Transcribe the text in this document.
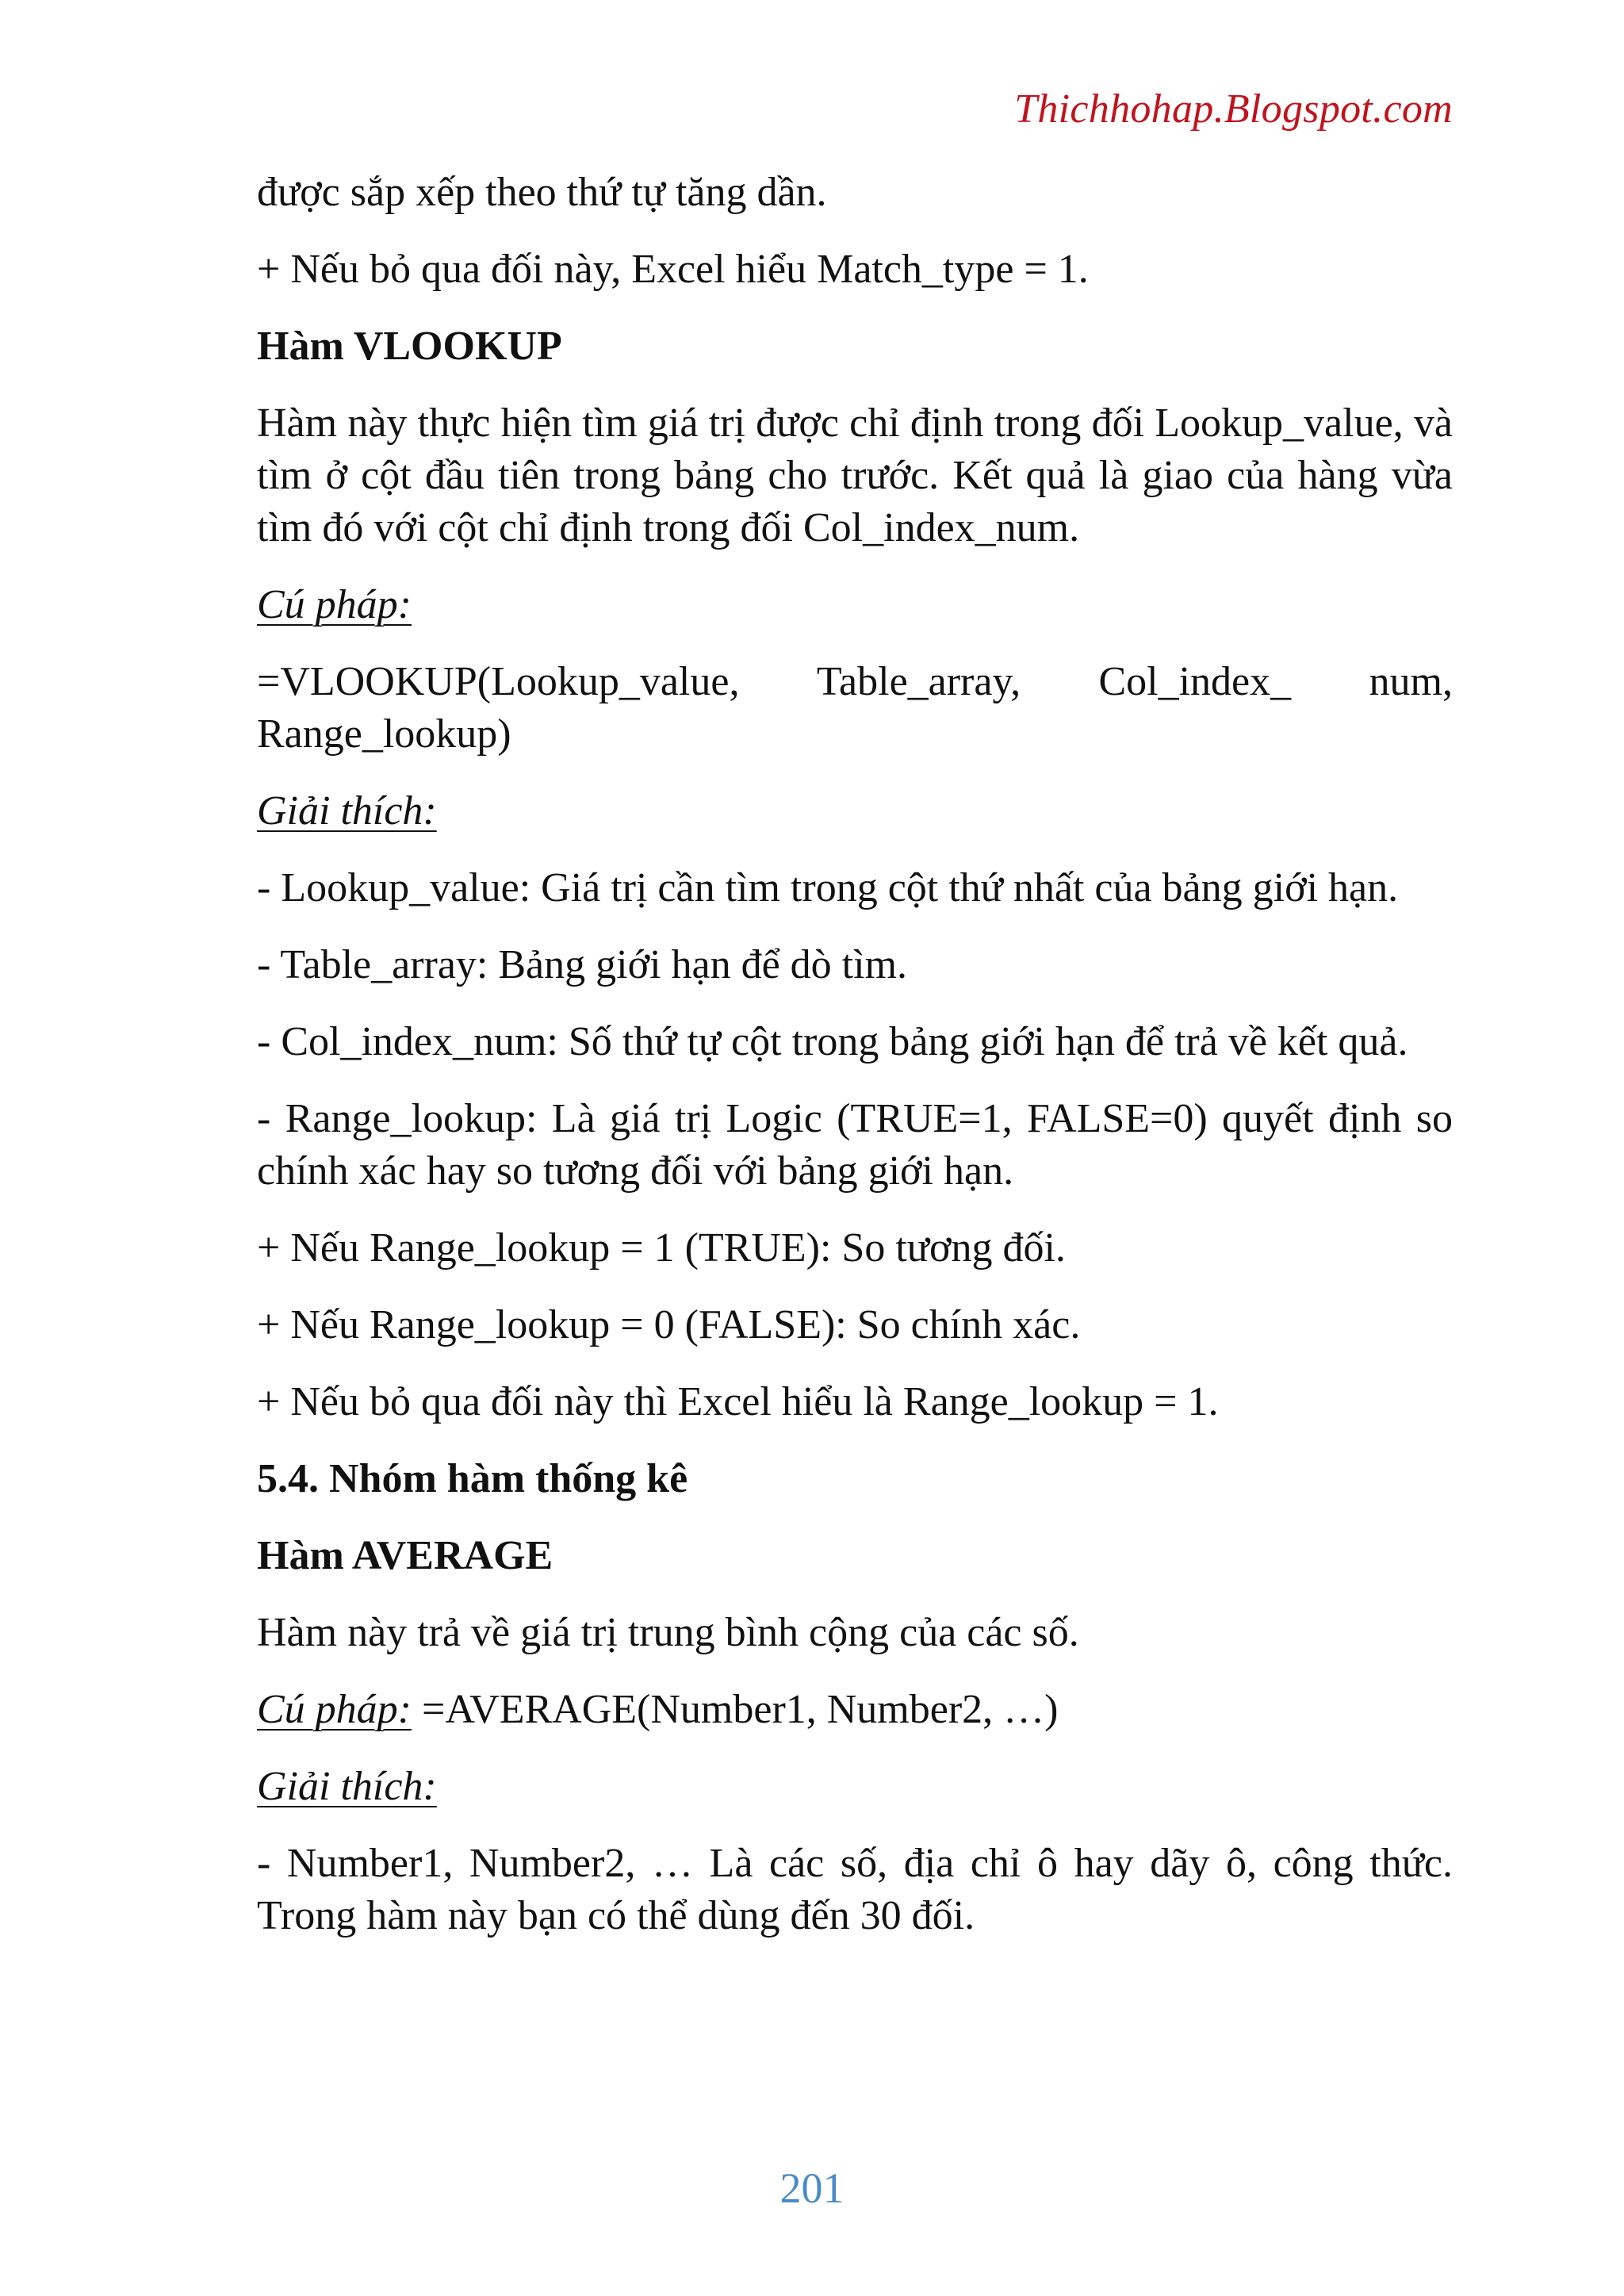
Thichhohap.Blogspot.com

được sắp xếp theo thứ tự tăng dần.

+ Nếu bỏ qua đối này, Excel hiểu Match_type = 1.

Hàm VLOOKUP

Hàm này thực hiện tìm giá trị được chỉ định trong đối Lookup_value, và tìm ở cột đầu tiên trong bảng cho trước. Kết quả là giao của hàng vừa tìm đó với cột chỉ định trong đối Col_index_num.

Cú pháp:

=VLOOKUP(Lookup_value, Table_array, Col_index_ num, Range_lookup)

Giải thích:

- Lookup_value: Giá trị cần tìm trong cột thứ nhất của bảng giới hạn.

- Table_array: Bảng giới hạn để dò tìm.

- Col_index_num: Số thứ tự cột trong bảng giới hạn để trả về kết quả.

- Range_lookup: Là giá trị Logic (TRUE=1, FALSE=0) quyết định so chính xác hay so tương đối với bảng giới hạn.

+ Nếu Range_lookup = 1 (TRUE): So tương đối.

+ Nếu Range_lookup = 0 (FALSE): So chính xác.

+ Nếu bỏ qua đối này thì Excel hiểu là Range_lookup = 1.

5.4. Nhóm hàm thống kê

Hàm AVERAGE

Hàm này trả về giá trị trung bình cộng của các số.

Cú pháp: =AVERAGE(Number1, Number2, …)

Giải thích:

- Number1, Number2, … Là các số, địa chỉ ô hay dãy ô, công thức. Trong hàm này bạn có thể dùng đến 30 đối.

201
